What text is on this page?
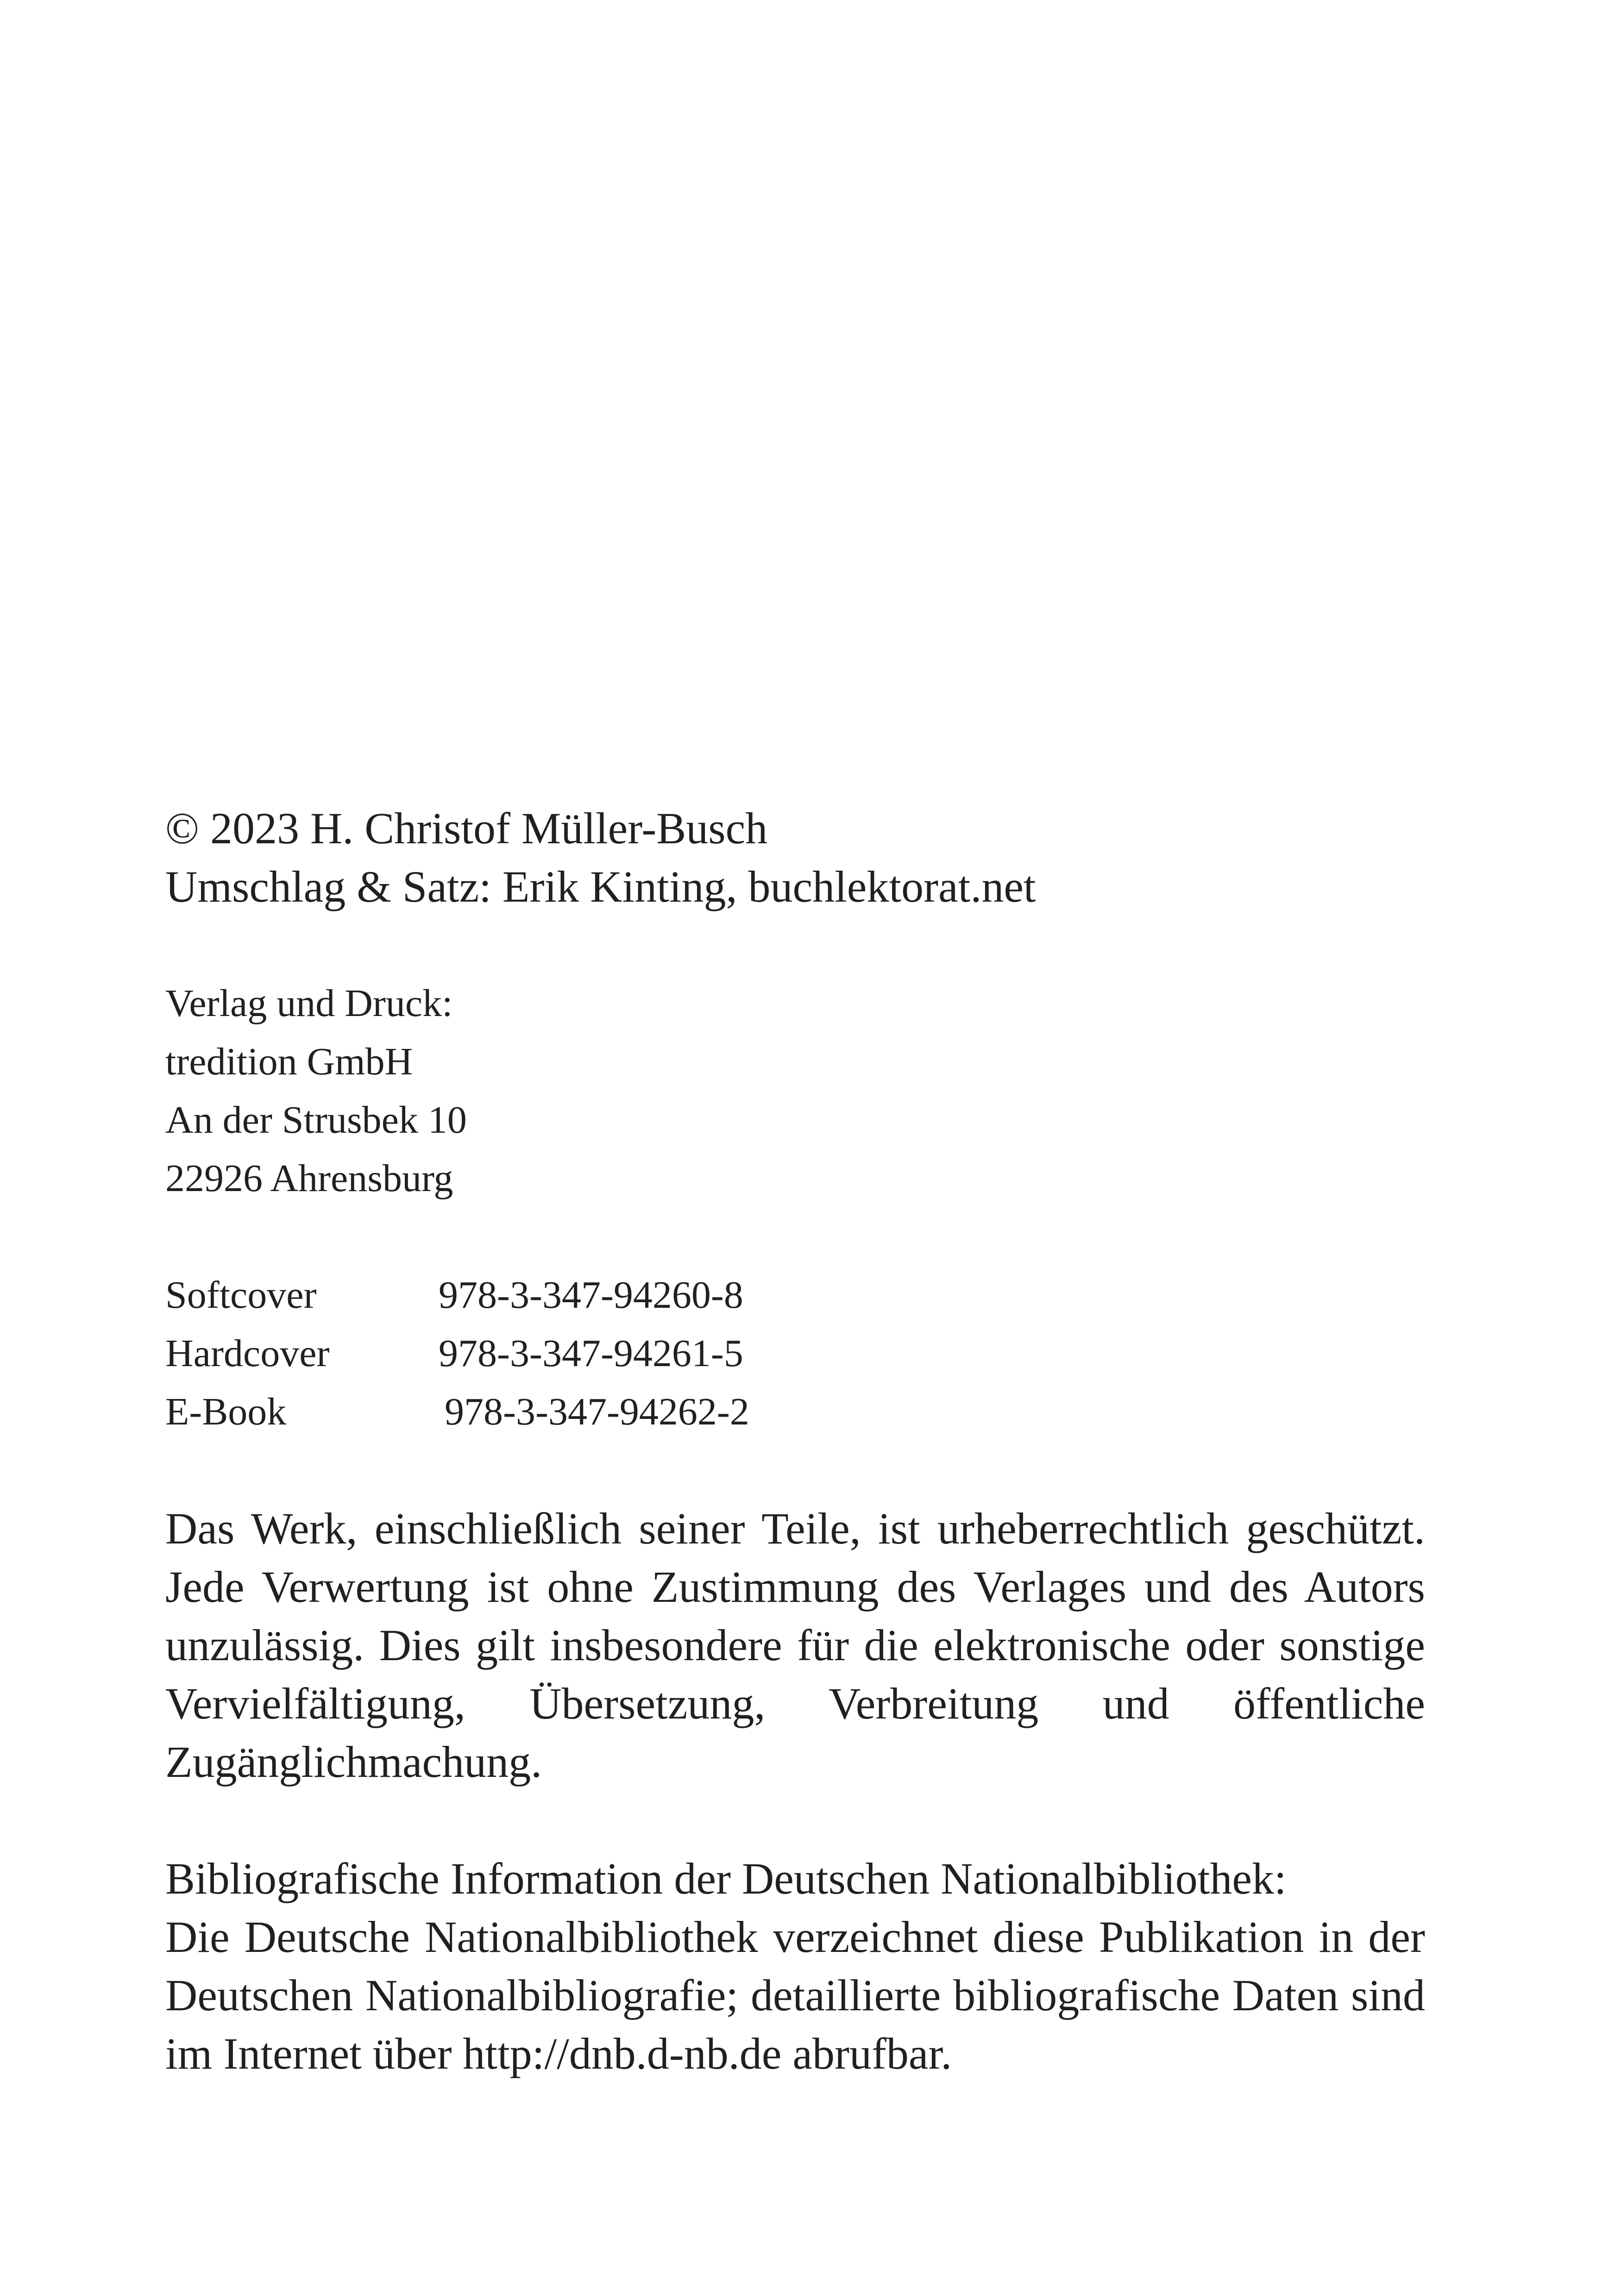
© 2023 H. Christof Müller-Busch
Umschlag & Satz: Erik Kinting, buchlektorat.net
Verlag und Druck:
tredition GmbH
An der Strusbek 10
22926 Ahrensburg
Softcover	978-3-347-94260-8
Hardcover	978-3-347-94261-5
E-Book	978-3-347-94262-2

Das Werk, einschließlich seiner Teile, ist urheberrechtlich geschützt. Jede Verwertung ist ohne Zustimmung des Verlages und des Autors unzulässig. Dies gilt insbesondere für die elektronische oder sonstige Vervielfältigung, Übersetzung, Verbreitung und öffentliche Zugänglichmachung.

Bibliografische Information der Deutschen Nationalbibliothek:

Die Deutsche Nationalbibliothek verzeichnet diese Publikation in der Deutschen Nationalbibliografie; detaillierte bibliografische Daten sind im Internet über http://dnb.d-nb.de abrufbar.
